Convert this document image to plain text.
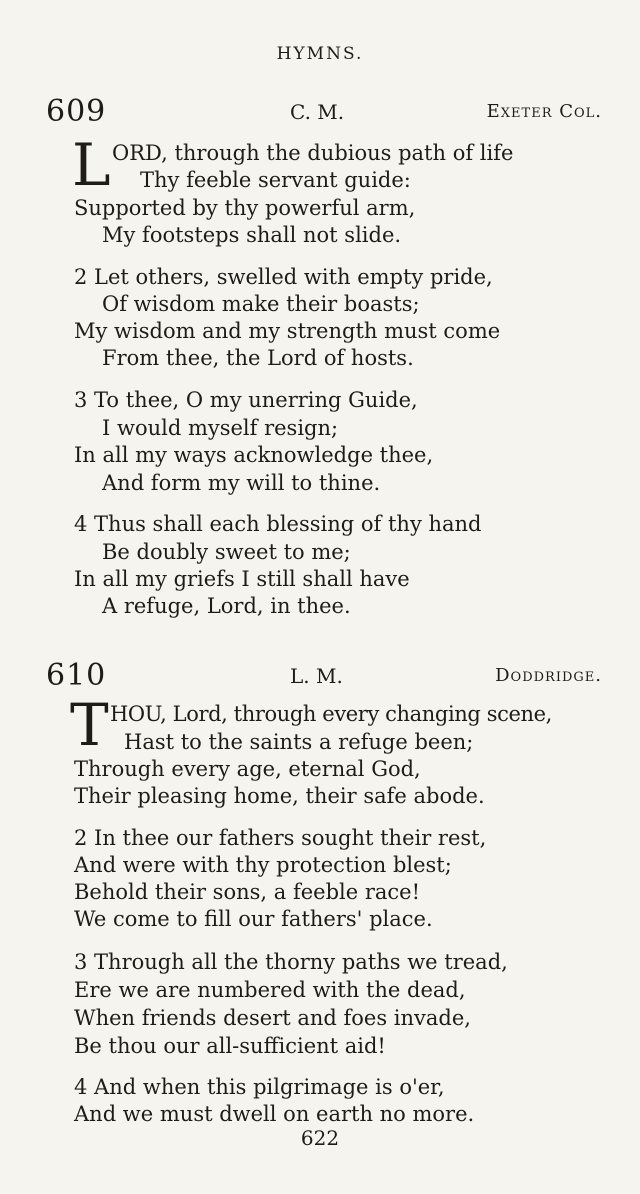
HYMNS.
609	C. M.	Exeter Col.
L ORD, through the dubious path of life
Thy feeble servant guide:
Supported by thy powerful arm,
My footsteps shall not slide.
2 Let others, swelled with empty pride,
Of wisdom make their boasts;
My wisdom and my strength must come
From thee, the Lord of hosts.
3 To thee, O my unerring Guide,
I would myself resign;
In all my ways acknowledge thee,
And form my will to thine.
4 Thus shall each blessing of thy hand
Be doubly sweet to me;
In all my griefs I still shall have
A refuge, Lord, in thee.
610	L. M.	Doddridge.
T HOU, Lord, through every changing scene,
Hast to the saints a refuge been;
Through every age, eternal God,
Their pleasing home, their safe abode.
2 In thee our fathers sought their rest,
And were with thy protection blest;
Behold their sons, a feeble race!
We come to fill our fathers' place.
3 Through all the thorny paths we tread,
Ere we are numbered with the dead,
When friends desert and foes invade,
Be thou our all-sufficient aid!
4 And when this pilgrimage is o'er,
And we must dwell on earth no more.
622
